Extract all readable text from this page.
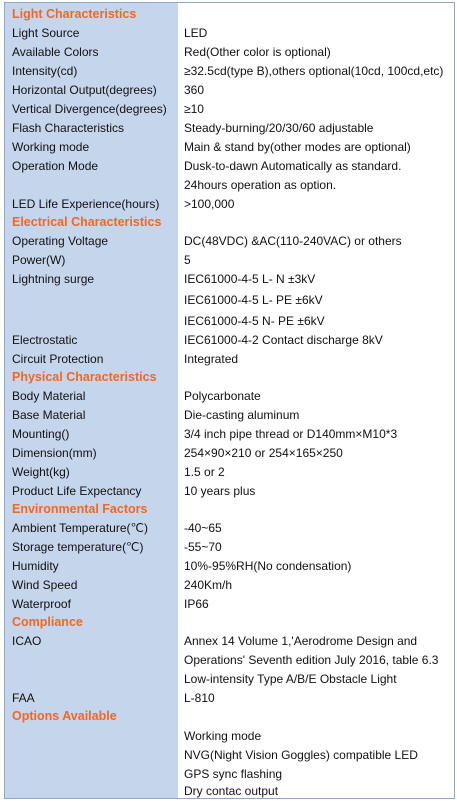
Light Characteristics
Light Source	LED
Available Colors	Red(Other color is optional)
Intensity(cd)	≥32.5cd(type B),others optional(10cd, 100cd,etc)
Horizontal Output(degrees) 360
Vertical Divergence(degrees) ≥10
Flash Characteristics	Steady-burning/20/30/60 adjustable
Working mode	Main & stand by(other modes are optional)
Operation Mode	Dusk-to-dawn Automatically as standard.
24hours operation as option.
LED Life Experience(hours) >100,000
Electrical Characteristics
Operating Voltage	DC(48VDC) &AC(110-240VAC) or others
Power(W)	5
Lightning surge	IEC61000-4-5 L- N ±3kV
IEC61000-4-5 L- PE ±6kV
IEC61000-4-5 N- PE ±6kV
Electrostatic	IEC61000-4-2 Contact discharge 8kV
Circuit Protection	Integrated
Physical Characteristics
Body Material	Polycarbonate
Base Material	Die-casting aluminum
Mounting()	3/4 inch pipe thread or D140mm×M10*3
Dimension(mm)	254×90×210 or 254×165×250
Weight(kg)	1.5 or 2
Product Life Expectancy	10 years plus
Environmental Factors
Ambient Temperature(℃)	-40~65
Storage temperature(℃)	-55~70
Humidity	10%-95%RH(No condensation)
Wind Speed	240Km/h
Waterproof	IP66
Compliance
ICAO	Annex 14 Volume 1,'Aerodrome Design and
Operations' Seventh edition July 2016, table 6.3
Low-intensity Type A/B/E Obstacle Light
FAA	L-810
Options Available
Working mode
NVG(Night Vision Goggles) compatible LED
GPS sync flashing
Dry contac output
